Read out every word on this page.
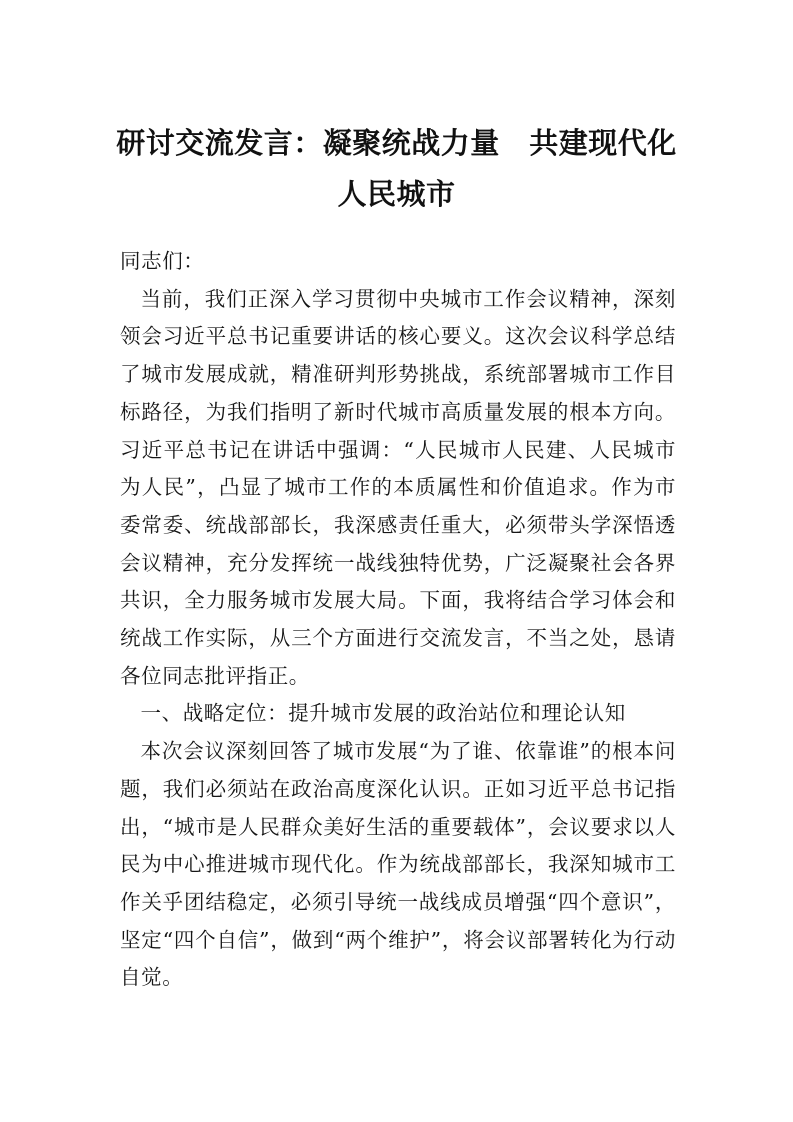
研讨交流发言：凝聚统战力量　共建现代化
人民城市

同志们：

当前，我们正深入学习贯彻中央城市工作会议精神，深刻领会习近平总书记重要讲话的核心要义。这次会议科学总结了城市发展成就，精准研判形势挑战，系统部署城市工作目标路径，为我们指明了新时代城市高质量发展的根本方向。习近平总书记在讲话中强调：“人民城市人民建、人民城市为人民”，凸显了城市工作的本质属性和价值追求。作为市委常委、统战部部长，我深感责任重大，必须带头学深悟透会议精神，充分发挥统一战线独特优势，广泛凝聚社会各界共识，全力服务城市发展大局。下面，我将结合学习体会和统战工作实际，从三个方面进行交流发言，不当之处，恳请各位同志批评指正。

一、战略定位：提升城市发展的政治站位和理论认知

本次会议深刻回答了城市发展“为了谁、依靠谁”的根本问题，我们必须站在政治高度深化认识。正如习近平总书记指出，“城市是人民群众美好生活的重要载体”，会议要求以人民为中心推进城市现代化。作为统战部部长，我深知城市工作关乎团结稳定，必须引导统一战线成员增强“四个意识”，坚定“四个自信”，做到“两个维护”，将会议部署转化为行动自觉。
